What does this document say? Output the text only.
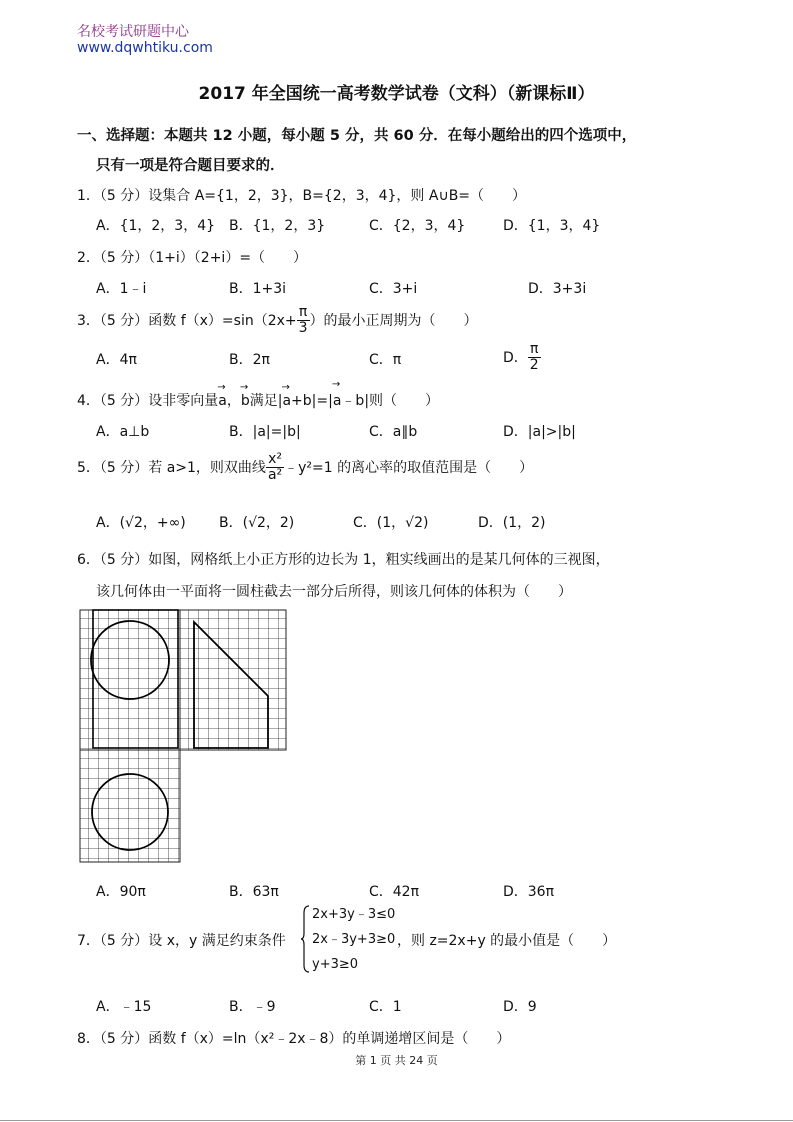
名校考试研题中心
www.dqwhtiku.com
2017 年全国统一高考数学试卷（文科）（新课标Ⅱ）
一、选择题：本题共 12 小题，每小题 5 分，共 60 分．在每小题给出的四个选项中，
只有一项是符合题目要求的．
1．（5 分）设集合 A={1，2，3}，B={2，3，4}，则 A∪B=（　　）
A．{1，2，3，4} B．{1，2，3}	C．{2，3，4}	D．{1，3，4}
2．（5 分）（1+i）（2+i）=（　　）
A．1﹣i	B．1+3i	C．3+i	D．3+3i
3．（5 分）函数 $f(x)=\sin(2x+ \frac{\pi}{3}$ ）的最小正周期为（　　）
A．4π	B．2π	C．π	D． $\frac{\pi}{2}$
4．（5 分）设非零向量→ a，→ b满足|→ a+b|=|→ a﹣b|则（　　）
A．a⊥b	B．|a|=|b|	C．a∥b	D．|a|>|b|
5．（5 分）若 a>1，则双曲线 $\frac{\text{x²}}{\text{a²}}$ ﹣y²=1 的离心率的取值范围是（　　）
A．(√2，+∞) B．(√2，2)	C．(1，√2)	D．(1，2)
6．（5 分）如图，网格纸上小正方形的边长为 1，粗实线画出的是某几何体的三视图，
该几何体由一平面将一圆柱截去一部分后所得，则该几何体的体积为（　　）
A．90π	B．63π	C．42π	D．36π
7．（5 分）设 x，y 满足约束条件
2x+3y﹣3≤0
2x﹣3y+3≥0
y+3≥0
，则 z=2x+y 的最小值是（　　）
A．﹣15	B．﹣9	C．1	D．9
8．（5 分）函数 f（x）=ln（x²﹣2x﹣8）的单调递增区间是（　　）
第 1 页 共 24 页
